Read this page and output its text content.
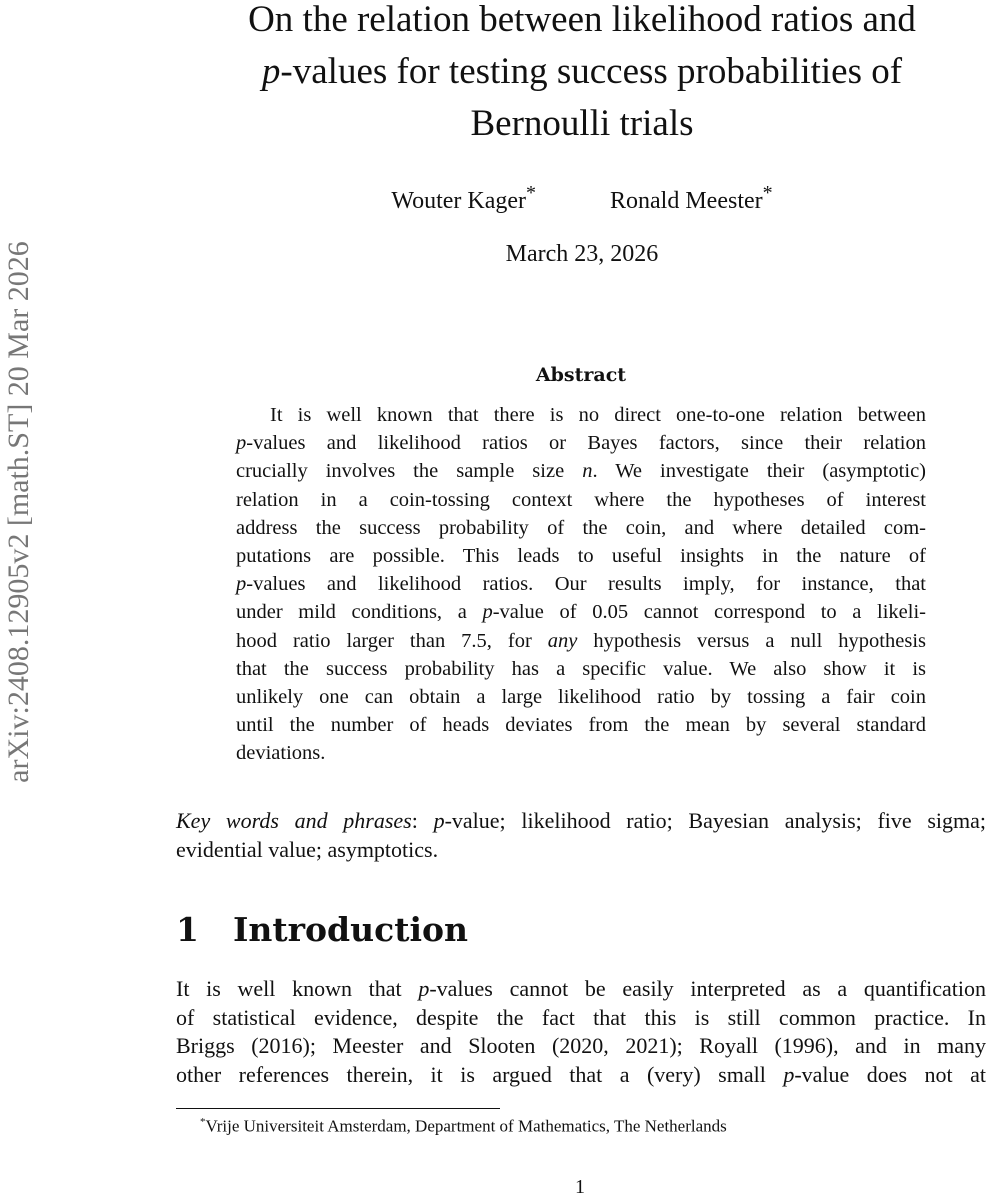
arXiv:2408.12905v2 [math.ST] 20 Mar 2026
On the relation between likelihood ratios and
p-values for testing success probabilities of
Bernoulli trials
Wouter Kager*	Ronald Meester*
March 23, 2026
Abstract
It is well known that there is no direct one-to-one relation between
p-values and likelihood ratios or Bayes factors, since their relation
crucially involves the sample size n. We investigate their (asymptotic)
relation in a coin-tossing context where the hypotheses of interest
address the success probability of the coin, and where detailed com-
putations are possible. This leads to useful insights in the nature of
p-values and likelihood ratios. Our results imply, for instance, that
under mild conditions, a p-value of 0.05 cannot correspond to a likeli-
hood ratio larger than 7.5, for any hypothesis versus a null hypothesis
that the success probability has a specific value. We also show it is
unlikely one can obtain a large likelihood ratio by tossing a fair coin
until the number of heads deviates from the mean by several standard
deviations.
Key words and phrases: p-value; likelihood ratio; Bayesian analysis; five sigma;
evidential value; asymptotics.
1 Introduction
It is well known that p-values cannot be easily interpreted as a quantification
of statistical evidence, despite the fact that this is still common practice. In
Briggs (2016); Meester and Slooten (2020, 2021); Royall (1996), and in many
other references therein, it is argued that a (very) small p-value does not at
*Vrije Universiteit Amsterdam, Department of Mathematics, The Netherlands
1
